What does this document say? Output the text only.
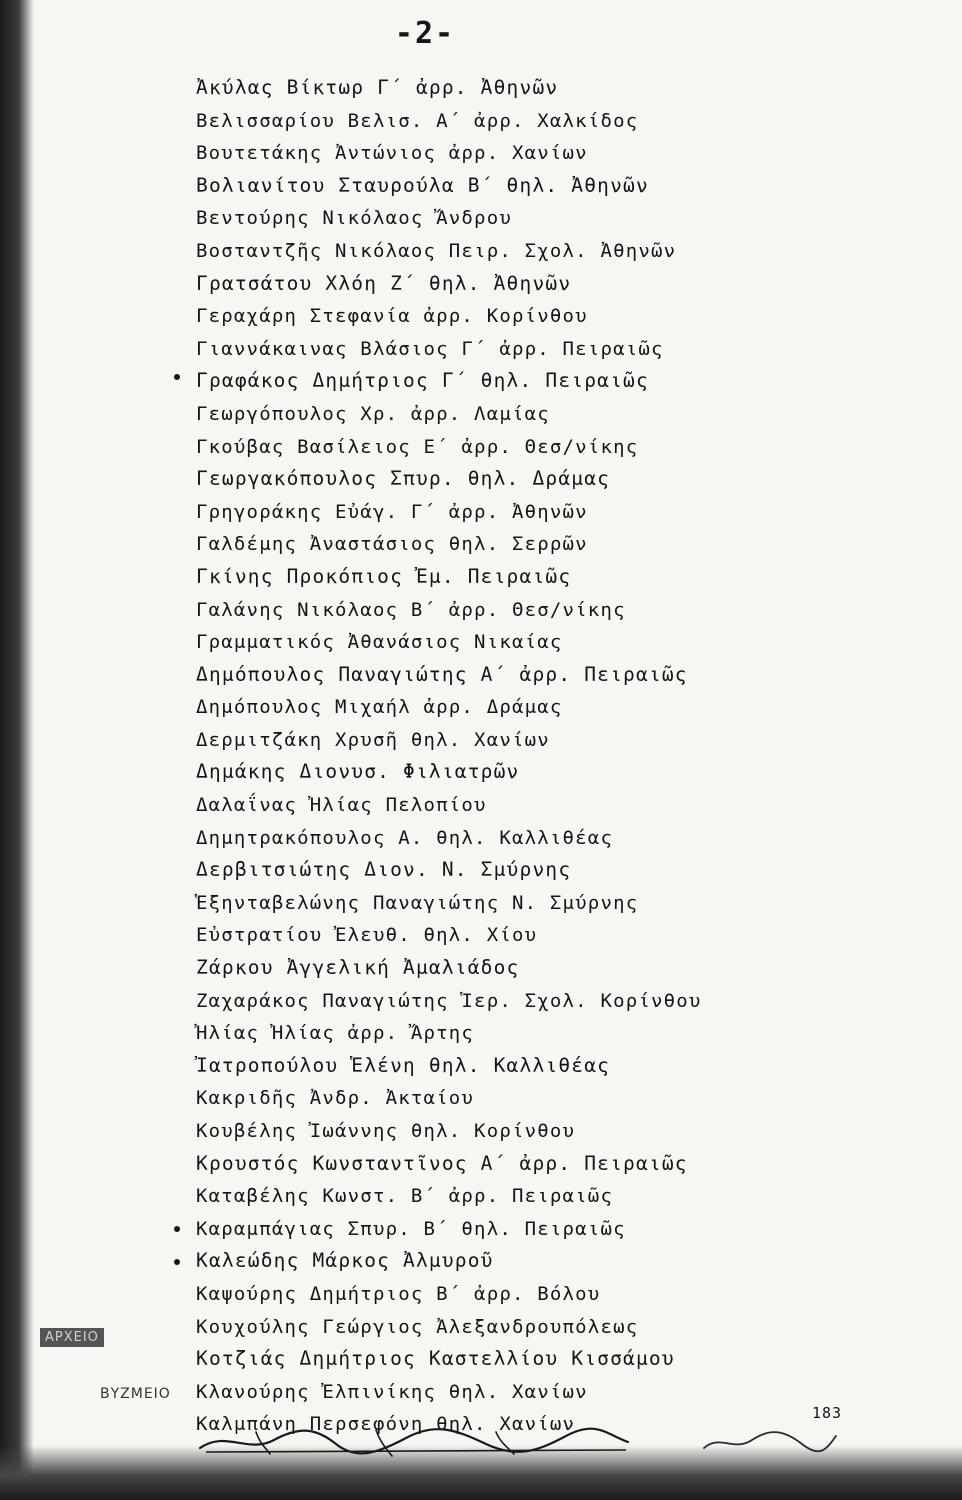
-2-
Ἀκύλας Βίκτωρ Γ΄ ἀρρ. Ἀθηνῶν
Βελισσαρίου Βελισ. Α΄ ἀρρ. Χαλκίδος
Βουτετάκης Ἀντώνιος ἀρρ. Χανίων
Βολιανίτου Σταυρούλα Β΄ θηλ. Ἀθηνῶν
Βεντούρης Νικόλαος Ἄνδρου
Βοσταντζῆς Νικόλαος Πειρ. Σχολ. Ἀθηνῶν
Γρατσάτου Χλόη Ζ΄ θηλ. Ἀθηνῶν
Γεραχάρη Στεφανία ἀρρ. Κορίνθου
Γιαννάκαινας Βλάσιος Γ΄ ἀρρ. Πειραιῶς
Γραφάκος Δημήτριος Γ΄ θηλ. Πειραιῶς
Γεωργόπουλος Χρ. ἀρρ. Λαμίας
Γκούβας Βασίλειος Ε΄ ἀρρ. Θεσ/νίκης
Γεωργακόπουλος Σπυρ. θηλ. Δράμας
Γρηγοράκης Εὐάγ. Γ΄ ἀρρ. Ἀθηνῶν
Γαλδέμης Ἀναστάσιος θηλ. Σερρῶν
Γκίνης Προκόπιος Ἐμ. Πειραιῶς
Γαλάνης Νικόλαος Β΄ ἀρρ. Θεσ/νίκης
Γραμματικός Ἀθανάσιος Νικαίας
Δημόπουλος Παναγιώτης Α΄ ἀρρ. Πειραιῶς
Δημόπουλος Μιχαήλ ἀρρ. Δράμας
Δερμιτζάκη Χρυσῆ θηλ. Χανίων
Δημάκης Διονυσ. Φιλιατρῶν
Δαλαΐνας Ἠλίας Πελοπίου
Δημητρακόπουλος Α. θηλ. Καλλιθέας
Δερβιτσιώτης Διον. Ν. Σμύρνης
Ἑξηνταβελώνης Παναγιώτης Ν. Σμύρνης
Εὐστρατίου Ἐλευθ. θηλ. Χίου
Ζάρκου Ἀγγελική Ἀμαλιάδος
Ζαχαράκος Παναγιώτης Ἱερ. Σχολ. Κορίνθου
Ἠλίας Ἠλίας ἀρρ. Ἄρτης
Ἰατροπούλου Ἑλένη θηλ. Καλλιθέας
Κακριδῆς Ἀνδρ. Ἀκταίου
Κουβέλης Ἰωάννης θηλ. Κορίνθου
Κρουστός Κωνσταντῖνος Α΄ ἀρρ. Πειραιῶς
Καταβέλης Κωνστ. Β΄ ἀρρ. Πειραιῶς
Καραμπάγιας Σπυρ. Β΄ θηλ. Πειραιῶς
Καλεώδης Μάρκος Ἀλμυροῦ
Καψούρης Δημήτριος Β΄ ἀρρ. Βόλου
Κουχούλης Γεώργιος Ἀλεξανδρουπόλεως
Κοτζιάς Δημήτριος Καστελλίου Κισσάμου
Κλανούρης Ἐλπινίκης θηλ. Χανίων
Καλμπάνη Περσεφόνη θηλ. Χανίων
ΑΡΧΕΙΟ
ΒΥΖΜΕΙΟ
183
